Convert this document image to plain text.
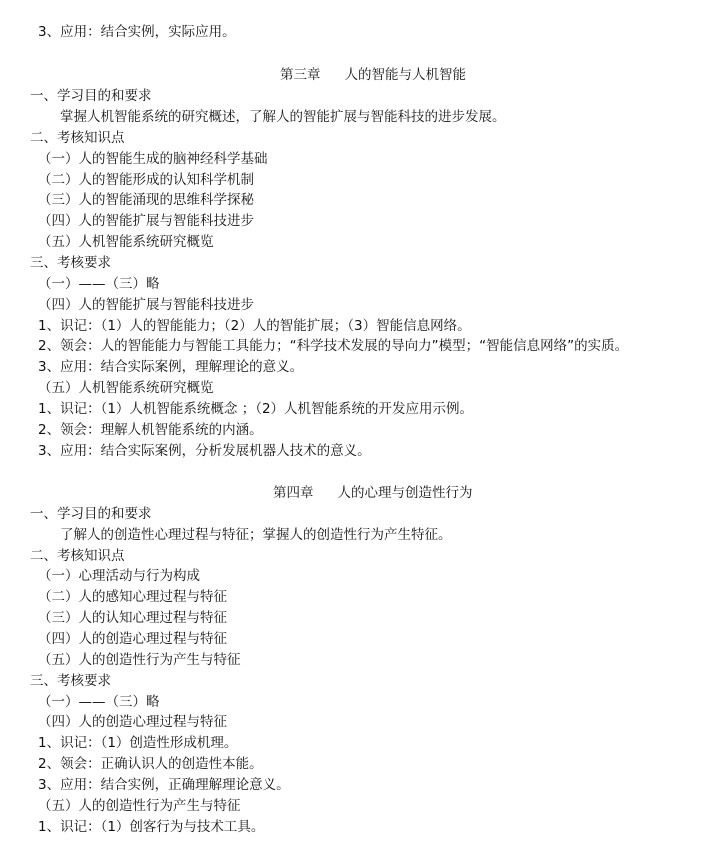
3、应用：结合实例，实际应用。
第三章 人的智能与人机智能
一、学习目的和要求
掌握人机智能系统的研究概述，了解人的智能扩展与智能科技的进步发展。
二、考核知识点
（一）人的智能生成的脑神经科学基础
（二）人的智能形成的认知科学机制
（三）人的智能涌现的思维科学探秘
（四）人的智能扩展与智能科技进步
（五）人机智能系统研究概览
三、考核要求
（一）——（三）略
（四）人的智能扩展与智能科技进步
1、识记：（1）人的智能能力；（2）人的智能扩展；（3）智能信息网络。
2、领会：人的智能能力与智能工具能力；“科学技术发展的导向力”模型；“智能信息网络”的实质。
3、应用：结合实际案例，理解理论的意义。
（五）人机智能系统研究概览
1、识记：（1）人机智能系统概念 ；（2）人机智能系统的开发应用示例。
2、领会：理解人机智能系统的内涵。
3、应用：结合实际案例，分析发展机器人技术的意义。
第四章 人的心理与创造性行为
一、学习目的和要求
了解人的创造性心理过程与特征；掌握人的创造性行为产生特征。
二、考核知识点
（一）心理活动与行为构成
（二）人的感知心理过程与特征
（三）人的认知心理过程与特征
（四）人的创造心理过程与特征
（五）人的创造性行为产生与特征
三、考核要求
（一）——（三）略
（四）人的创造心理过程与特征
1、识记：（1）创造性形成机理。
2、领会：正确认识人的创造性本能。
3、应用：结合实例，正确理解理论意义。
（五）人的创造性行为产生与特征
1、识记：（1）创客行为与技术工具。
